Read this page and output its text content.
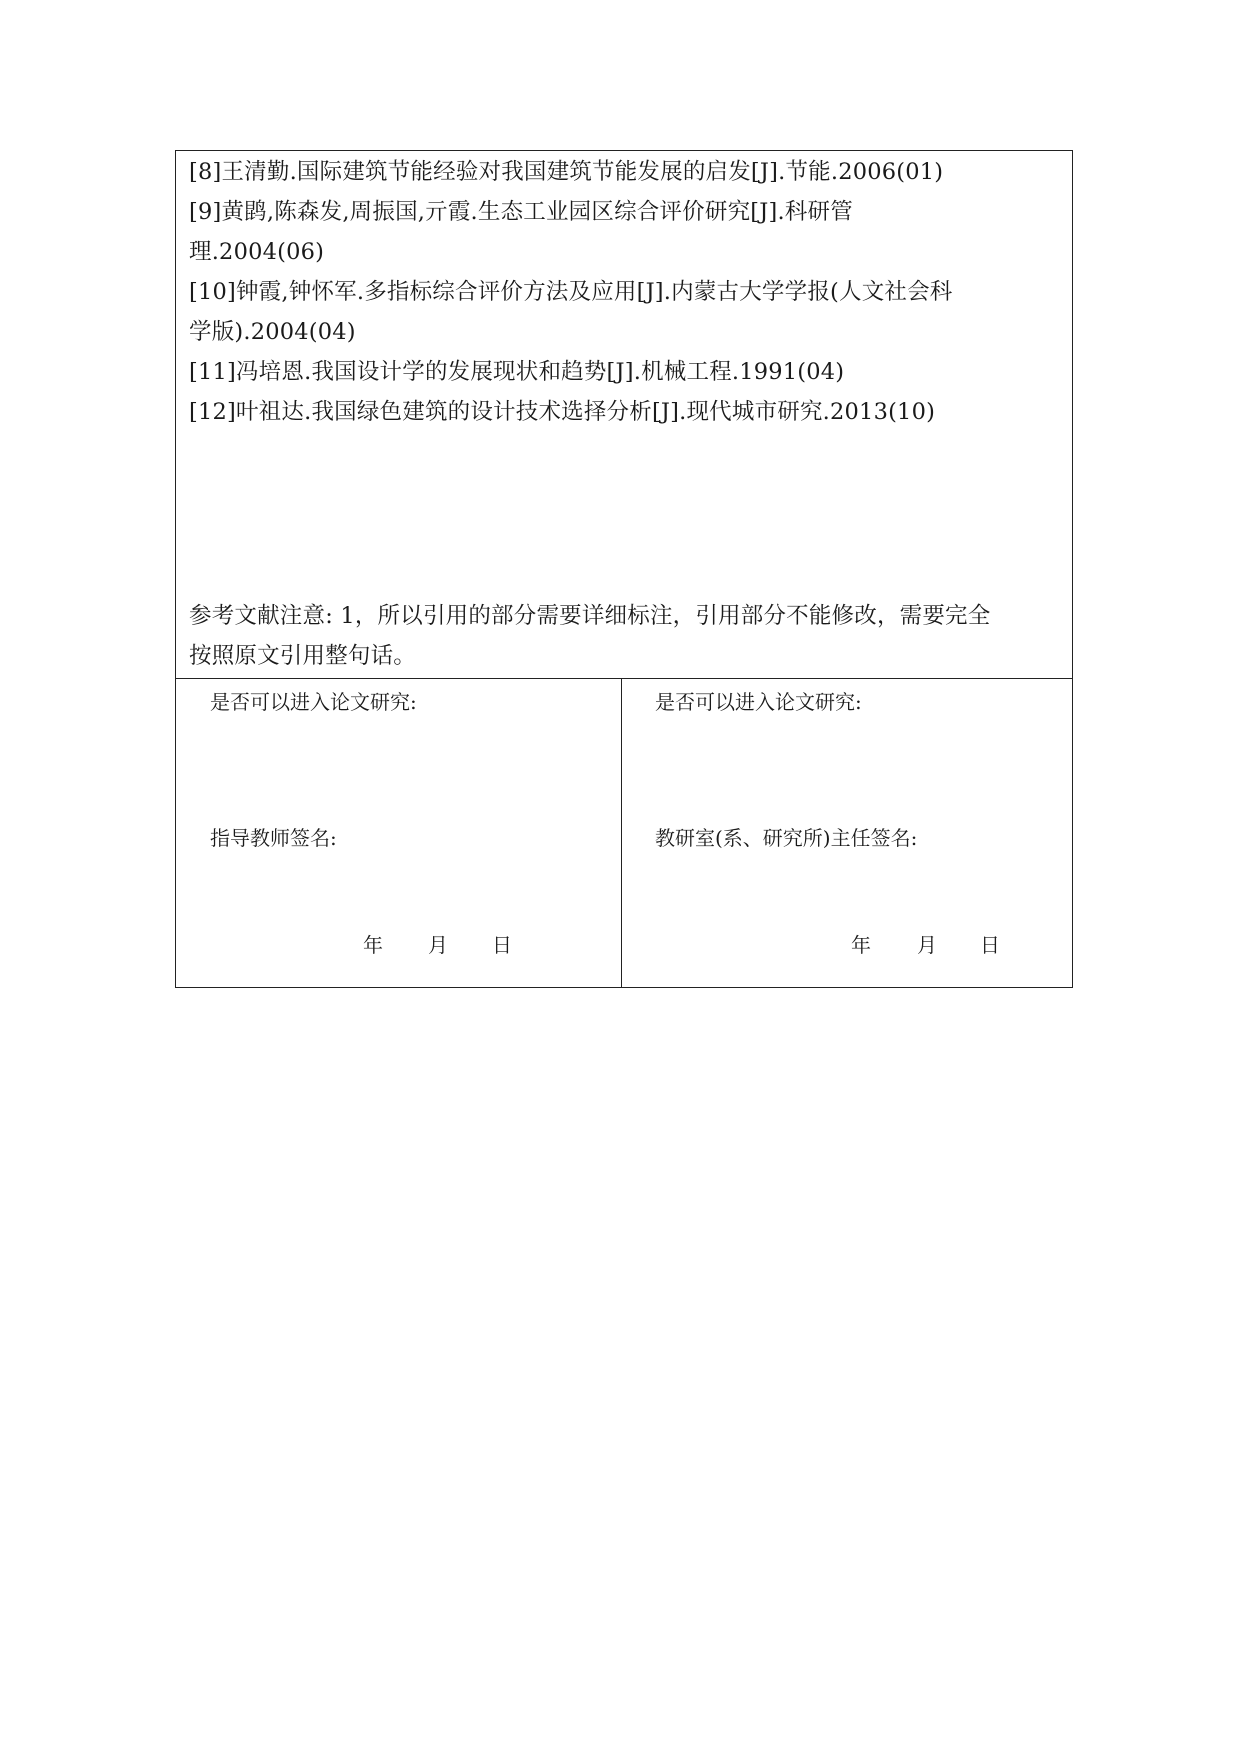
[8]王清勤.国际建筑节能经验对我国建筑节能发展的启发[J].节能.2006(01)
[9]黄鹍,陈森发,周振国,亓霞.生态工业园区综合评价研究[J].科研管
理.2004(06)
[10]钟霞,钟怀军.多指标综合评价方法及应用[J].内蒙古大学学报(人文社会科
学版).2004(04)
[11]冯培恩.我国设计学的发展现状和趋势[J].机械工程.1991(04)
[12]叶祖达.我国绿色建筑的设计技术选择分析[J].现代城市研究.2013(10)
参考文献注意: 1，所以引用的部分需要详细标注，引用部分不能修改，需要完全
按照原文引用整句话。
是否可以进入论文研究:
指导教师签名:
年 月 日
是否可以进入论文研究:
教研室(系、研究所)主任签名:
年 月 日
